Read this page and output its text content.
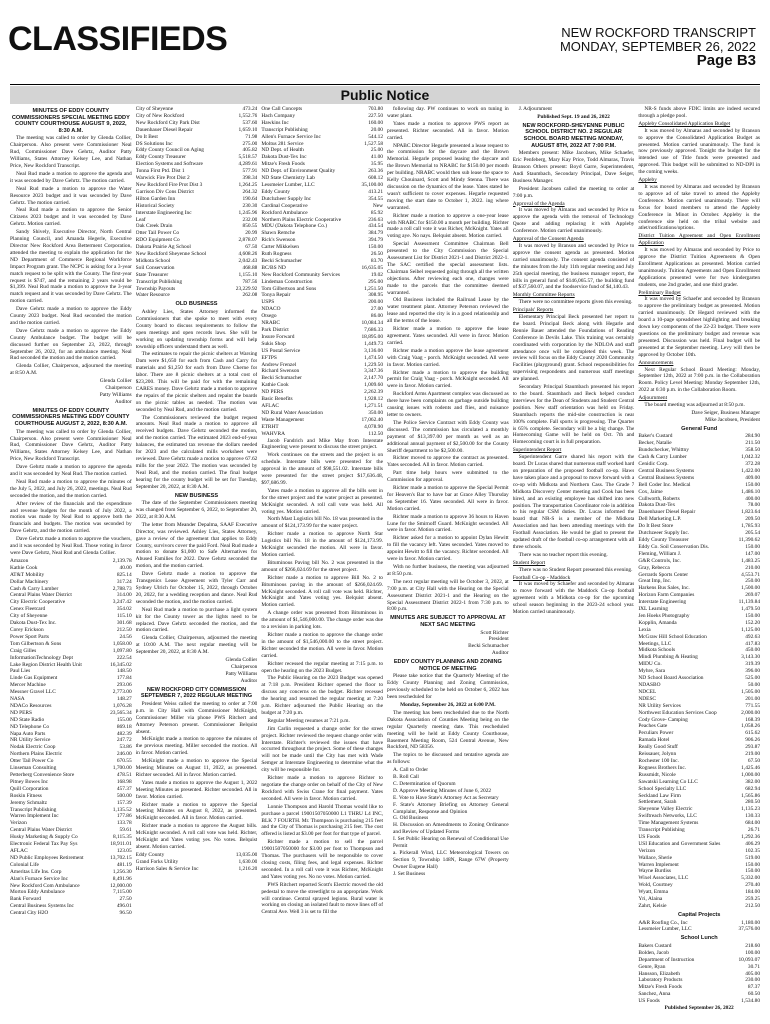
CLASSIFIEDS	NEW ROCKFORD TRANSCRIPT
MONDAY, SEPTEMBER 26, 2022
Page B3
Public Notice
MINUTES OF EDDY COUNTY COMMISSIONERS SPECIAL MEETING EDDY COUNTY COURTHOUSE AUGUST 9, 2022, 8:30 A.M.

The meeting was called to order by Glenda Collier, Chairperson. Also present were Commissioner Neal Rud, Commissioner Dave Gehrtz, Auditor Patty Williams, States Attorney Kelsey Lee, and Nathan Price, New Rockford Transcript.

Neal Rud made a motion to approve the agenda and it was seconded by Dave Gehrtz. The motion carried.

Neal Rud made a motion to approve the Water Resource 2023 budget and it was seconded by Dave Gehrtz. The motion carried.

Neal Rud made a motion to approve the Senior Citizens 2023 budget and it was seconded by Dave Gehrtz. Motion carried.

Sandy Shively, Executive Director, North Central Planning Council, and Amanda Hegerle, Executive Director New Rockford Area Betterment Corporation, attended the meeting to explain the application for the ND Department of Commerce Regional Workforce Impact Program grant. The NCPC is asking for a 3-year match request to be split with the County. The first-year request is $747, and the remaining 2 years would be $1,399. Neal Rud made a motion to approve the 3-year match request and it was seconded by Dave Gehrtz. The motion carried.

Dave Gehrtz made a motion to approve the Eddy County 2023 budget. Neal Rud seconded the motion and the motion carried.

Dave Gehrtz made a motion to approve the Eddy County Ambulance budget. The budget will be discussed further on September 23, 2022, through September 26, 2022, for an ambulance meeting. Neal Rud seconded the motion and the motion carried.

Glenda Collier, Chairperson, adjourned the meeting at 8:50 A.M.

Glenda Collier
Chairperson
Patty Williams
Auditor
MINUTES OF EDDY COUNTY COMMISSIONERS MEETING EDDY COUNTY COURTHOUSE AUGUST 2, 2022, 8:30 A.M.

The meeting was called to order by Glenda Collier, Chairperson. Also present were Commissioner Neal Rud, Commissioner Dave Gehrtz, Auditor Patty Williams, States Attorney Kelsey Lee, and Nathan Price, New Rockford Transcript.

Dave Gehrtz made a motion to approve the agenda and it was seconded by Neal Rud. The motion carried.

Neal Rud made a motion to approve the minutes of the July 5, 2022, and July 26, 2022, meetings. Neal Rud seconded the motion, and the motion carried.

After review of the financials and the expenditure and revenue budgets for the month of July 2022, a motion was made by Neal Rud to approve both the financials and budgets. The motion was seconded by Dave Gehrtz, and the motion carried.

Dave Gehrtz made a motion to approve the vouchers, and it was seconded by Neal Rud. Those voting in favor were Dave Gehrtz, Neal Rud and Glenda Collier.

Amazon	2,139.78
Kathie Cook	40.00
AT&T Mobility	825.14
Dollar Machinery	317.24
Cash & Carry Lumber	2,788.73
Central Plains Water District	314.00
City Electric Cooperative	3,247.42
Cenex Fleetcard	354.02
City of Sheyenne	115.10
Dakota Dust-Tex Inc.	301.68
Corey Erickson	212.50
Power Sport Parts	24.56
Tom Gilbertson & Sons	1,058.00
Craig Gilles	1,097.80
InformationTechnology Dept	222.54
Lake Region District Health Unit	16,345.02
Paul Lies	148.50
Linde Gas Equipment	177.84
Mercer Machine	293.06
Messner Gravel LLC	2,773.00
NASA	148.27
NDACo Resources	1,076.28
ND PERS	23,565.34
ND State Radio	155.00
ND Telephone Co	869.18
Napa Auto Parts	482.39
NR Utility Service	247.72
Nodak Electric Coop	53.86
Northern Plains Electric	246.00
Otter Tail Power Co	670.55
Linseman Consulting	1,700.00
Petterberg Convenience Store	478.51
Pitney Bowes Inc	168.98
Quill Corporation	457.37
Roskin Fitness	500.00
Jeremy Schmaltz	157.39
Transcript Publishing	1,135.52
Warren Implement Inc	177.86
Verizon	133.78
Central Plains Water District	59.61
Husky Marketing & Supply Co	8,115.35
Electronic Federal Tax Pay Sys	18,911.01
AFLAC	123.05
ND Public Employees Retirement	13,702.15
Colonial Life	481.19
Ameritas Life Ins. Corp	1,256.30
Alan's Furnace Service Inc	8,491.96
New Rockford Com Ambulance	12,000.00
Morton Eddy Ambulance	7,115.00
Bank Forward	27.50
Central Business Systems Inc	496.01
Central City H2O	96.50
City of Sheyenne	473.24
City of New Rockford	1,552.76
New Rockford City Park Dist	537.60
Dauenhauer Diesel Repair	1,659.10
Do It Best	71.98
DS Solutions Inc	275.00
Eddy County Council on Aging	405.82
Eddy County Treasurer	5,518.57
Election Systems and Software	4,289.61
Tonna First Ptd. Dist 1	577.91
Warwick Fire Prot Dist 2	398.34
New Rockford Fire Prot Dist 3	1,264.25
Garrison Div Cons District	264.32
Hilton Garden Inn	190.64
Historical Society	230.30
Interstate Engineering Inc	1,245.96
Leaf	232.00
Oak Creek Drain	850.55
Otter Tail Power Co	20.99
RDO Equipment Co	2,878.07
Dakota Prairie Ag School	67.50
New Rockford Sheyenne School	4,608.26
Midkota School	2,042.43
Soil Conservation	468.88
State Treasurer	1,155.10
Transcript Publishing	787.56
Township Payouts	23,229.92
Water Resource	262.08
OLD BUSINESS

Ashley Lies, States Attorney informed the Commissioners that she spoke to meet with every County board to discuss requirements to follow the open meetings and open records laws. She will be working on updating township forms and will help township officers understand them as well.

The estimates to repair the picnic shelters at Warsing Dam were $1,650 for each from Cash and Carry for materials and $1,250 for each from Dave Cherne for labor. There are 8 picnic shelters at a total cost of $23,200. This will be paid for with the remaining CARES money. Dave Gehrtz made a motion to approve the repairs of the picnic shelters and repaint the boards on the picnic tables as needed. The motion was seconded by Neal Rud, and the motion carried.

The Commissioners reviewed the budget request amounts. Neal Rud made a motion to approve all received budgets. Dave Gehrtz seconded the motion, and the motion carried. The estimated 2023 end-of-year balances, the estimated tax revenue the dollars needed for 2023 and the calculated mills worksheet were reviewed. Dave Gehrtz made a motion to approve 67.62 mills for the year 2022. The motion was seconded by Neal Rud, and the motion carried. The final budget hearing for the county budget will be set for Tuesday, September 20, 2022, at 8:30 A.M.

NEW BUSINESS

The date of the September Commissioners meeting was changed from September 6, 2022, to September 20, 2022, at 8:30 A.M.

The letter from Meander Depalma, SAAF Executive Director, was reviewed. Ashley Lies, States Attorney, gave a review of the agreement that applies to Eddy County, survivors cover the paid Ford. Neal Rud made a motion to donate $1,000 to Safe Alternatives for Abused Families for 2022. Dave Gehrtz seconded the motion, and the motion carried.

Dave Gehrtz made a motion to approve the Transgenics Lease Agreement with Tyler Carr and Sydney Ulrich for October 15, 2022, through October 20, 2022, for a wedding reception and dance. Neal Rud seconded the motion, and the motion carried.

Neal Rud made a motion to purchase a light system kit for the County tower as the lights need to be replaced. Dave Gehrtz seconded the motion, and the motion carried.

Glenda Collier, Chairperson, adjourned the meeting at 10:00 A.M. The next regular meeting will be September 20, 2022, at 8:30 A.M.

Glenda Collier
Chairperson
Patty Williams
Auditor
NEW ROCKFORD CITY COMMISSION SEPTEMBER 7, 2022 REGULAR MEETING

President Weiss called the meeting to order at 7:00 p.m. in City Hall with Commissioner McKnight, Commissioner Miller via phone PWS Ritchert and Attorney Peterson present. Commissioner Belquist absent.

McKnight made a motion to approve the minutes of the previous meeting. Miller seconded the motion. All in favor. Motion carried.

McKnight made a motion to approve the Special Meeting Minutes on August 11, 2022, as presented. Richter seconded. All in favor. Motion carried.

Yates made a motion to approve the August 1, 2022 Meeting Minutes as presented. Richter seconded. All in favor. Motion carried.

Richter made a motion to approve the Special Meeting Minutes on August 8, 2022, as presented. McKnight seconded. All in favor. Motion carried.

Richter made a motion to approve the August bills. McKnight seconded. A roll call vote was held. Richter, McKnight and Yates voting yes. No votes. Belquist absent. Motion carried.

Eddy County	13,035.00
Grand Forks Utility	1,630.00
Harrison Sales & Service Inc	1,216.20
One Call Concepts	703.80
Hach Company	227.50
Hawkins Inc	160.00
Transcript Publishing	20.00
Allen's Furnace Service Inc	544.12
Moltus 281 Service	1,527.58
ND Dept. of Health	25.00
Dakota Dust-Tex Inc	41.00
Mitze's Fresh Foods	35.95
ND Dept. of Environment Quality	263.36
ND State Chemistry Lab	608.12
Lessmeier Lumber, LLC	35,100.00
Eddy County	413.21
Dutchzheer Supply Inc	354.55
Cardinal Cooperative	New
Rockford Ambulance	85.92
Northern Plains Electric Cooperative	236.63
MDU (Dakota Telephone Co.)	434.54
Shawn Remche	384.79
Rick's Swenson	394.79
Carter Mikkelsen	150.00
Ruth Rogness	26.50
Becki Schumacher	83.70
BC/BS ND	16,635.05
New Rockford Community Services	19.02
Lindeman Construction	295.00
Tom Gilbertson and Sons	1,251.50
Tonya Repair	308.95
USPS	200.00
NDACO	27.00
Otsego	86.00
NRABC	10,084.34
Park District	7,686.33
Insure Forward	18,895.00
Sukis Shop	1,449.73
US Postal Service	3,136.00
EFTPS	1,474.50
Andrew Frenzel	1,229.50
Richard Swenson	3,347.36
Becki Schumacher	2,147.70
Kathie Cook	1,009.60
ND PERS	2,262.39
Basic Benefits	1,928.12
AFLAC	1,271.51
ND Rural Water Association	350.00
Waste Management	17,062.40
ETRHT	4,078.90
WAHVRA	112.50

Jacob Fandrich and Mike May from Interstate Engineering were present to discuss the street project.

Work continues on the streets and the project is on schedule. Interstate bills were presented for the approval in the amount of $98,551.02. Interstate bills were presented for the street project $17,636.48, $97,686.99.

Yates made a motion to approve all the bills sent in for the street project and the water project as presented. McKnight seconded. A roll call vote was held. All voting yes. Motion carried.

North Mast Logistics bill No. 18 was presented in the amount of $124,173.99 for the water project.

Richter made a motion to approve North Star Logistics bill No. 18 in the amount of $124,173.99. McKnight seconded the motion. All were in favor. Motion carried.

Bituminous Paving bill No. 2 was presented in the amount of $266,024.69 for the street project.

Richter made a motion to approve Bill No. 2 to Bituminous paving in the amount of $266,024.69. McKnight seconded. A roll call vote was held. Richter, McKnight and Yates voting yes. Belquist absent. Motion carried.

A change order was presented from Bituminous in the amount of $1,546,000.00. The change order was due to a revision in parking lots.

Richter made a motion to approve the change order in the amount of $1,546,000.00 to the street project. Richter seconded the motion. All were in favor. Motion carried.

Richter recessed the regular meeting at 7:15 p.m. to open the hearing on the 2023 Budget.

The Public Hearing on the 2023 Budget was opened at 7:18 p.m. President Richter opened the floor to discuss any concerns on the budget. Richter recessed the hearing and resumed the regular meeting at 7:20 p.m. Richter adjourned the Public Hearing on the budget at 7:20 p.m.

Regular Meeting resumes at 7:21 p.m.

Jim Carlin requested a change order for the street project. Richter reviewed the request change order with Interstate. Richter's reviewed the issues that have occurred throughout the project. Some of these changes will not be made until the City has met with Wade Semger at Interstate Engineering to determine what the city will be responsible for.

Richter made a motion to approve Richter to negotiate the change order on behalf of the City of New Rockford with Swiss Crane for final payment. Yates seconded. All were in favor. Motion carried.

Lonnie Thompson and Harold Thomas would like to purchase a parcel 19001507050000 L1 THRU L4 INC, BLK 7 FOURTH. Mr. Thompson is purchasing 215 feet and the City of Thomas is purchasing 215 feet. The cost offered is listed at $3.00 per foot for that type of parcel.

Richter made a motion to sell the parcel 19001507050000 for $3.00 per foot to Thompson and Thomas. The purchasers will be responsible to cover closing costs, filing fees, and legal expenses. Richter seconded. In a roll call vote it was Richter, McKnight and Yates voting yes. No no votes. Motion carried.

PWS Ritchert reported Scott's Electric moved the old pedestal to move the streetlight to an appropriate. Work will continue. Central sprayed legions. Rural water is working on closing an isolated fault to move lines off of Central Ave. Well 3 is set to fill the

following day. PW continues to work on tuning in water plant.

Yates made a motion to approve PWS report as presented. Richter seconded. All in favor. Motion carried.

NPABC Director Hegarle presented a lease request to the commission for the daycare and the Brown Memorial. Hegarle proposed leasing the daycare and the Brown Memorial to NRABC for $150.00 per month per building. NRABC would then sub lease the space to Kelly Chouinard, Scott and Mindy Stenna. There was discussion on the dynamics of the lease. Yates stated he wasn't sufficient to cover expenses. Hegarle requested moving the start date to October 1, 2022. ing where warranted.

Richter made a motion to approve a one-year lease with NRABC for $150.00 a month per building. Richter made a roll call vote it was Richer, McKnight. Yates all voting aye. No nays. Belquist absent. Motion carried.

Special Assessment Committee Chairman Bell presented to the City Commission the Special Assessment List for District 2021-1 and District 2022-1. The SAC certified the special assessment lists. Chairman Seibel requested going through all the written objections. After reviewing each one, changes were made to the parcels that the committee deemed warranted.

Old Business included the Railroad Lease by the water treatment plant. Attorney Peterson reviewed the lease and reported the city is in a good relationship and all the terms of the lease.

Richter made a motion to approve the lease agreement. Yates seconded. All were in favor. Motion carried.

Richter made a motion approve the lease agreement with Craig Vaag - porch. McKnight seconded. All were in favor. Motion carried.

Richter made a motion to approve the building permit for Craig Vaag - porch. McKnight seconded. All were in favor. Motion carried.

Rockford Arms Apartment complex was discussed as there have been complaints on garbage outside building causing issues with rodents and flies, and nuisance letter to owners.

The Police Service Contract with Eddy County was discussed. The commission has circulated a monthly payment of $13,397.00 per month as well as an additional annual payment of $2,500.00 for the County Sheriff department to be $2,500.00.

Richter moved to approve the contract as presented. Yates seconded. All in favor. Motion carried.

Part time help hours were submitted to the Commission for approval.

Richter made a motion to approve the Special Permit for Heaven's Bar to have bar at Grace Alley Thursday on September 16. Yates seconded. All were in favor. Motion carried.

Richter made a motion to approve 36 hours to Haven Lune for the Smirnoff Guard. McKnight seconded. All were in favor. Motion carried.

Richter asked for a motion to appoint Dylan Hewitt to fill the vacancy left. Yates seconded. Yates moved to appoint Hewitt to fill the vacancy. Richter seconded. All were in favor. Motion carried.

With no further business, the meeting was adjourned at 8:50 p.m.

The next regular meeting will be October 3, 2022, at 7:00 p.m. at City Hall with the Hearing on the Special Assessment District 2021-1 and the Hearing on the Special Assessment District 2022-1 from 7:30 p.m. to 8:00 p.m.

MINUTES ARE SUBJECT TO APPROVAL AT NEXT SAC MEETING
Scott Richter
President
Becki Schumacher
Auditor
EDDY COUNTY PLANNING AND ZONING NOTICE OF MEETING

Please take notice that the Quarterly Meeting of the Eddy County Planning and Zoning Commission, previously scheduled to be held on October 6, 2022 has been rescheduled for

Monday, September 26, 2022 at 6:00 P.M.

The meeting has been rescheduled due to the North Dakota Association of Counties Meeting being on the regular Quarterly meeting date. This rescheduled meeting will be held at Eddy County Courthouse, Basement Meeting Room, 524 Central Avenue, New Rockford, ND 58356.

The topics to be discussed and tentative agenda are as follows:

A. Call to Order
B. Roll Call
C. Determination of Quorum
D. Approve Meeting Minutes of June 6, 2022
E. Vote to Have State's Attorney Act as Secretary
F. State's Attorney Briefing on Attorney General Complaint, Response and Opinion
G. Old Business
H. Discussion on Amendments to Zoning Ordinance and Review of Updated Forms
I. Set Public Hearing on Renewal of Conditional Use Permit
a. Pickerall Wind, LLC Meteorological Towers on Section 9, Township 148N, Range 67W (Property Owner Eugene Hall)
J. Set Business

J. Adjournment

Published Sept. 19 and 26, 2022

NEW ROCKFORD-SHEYENNE PUBLIC SCHOOL DISTRICT NO. 2 REGULAR SCHOOL BOARD MEETING MONDAY, AUGUST 8TH, 2022 AT 7:00 P.M.

Members present: Mike Jacobsen, Mike Schaefer, Eric Penfeberg, Mary Kay Price, Todd Almaras, Travis Branson Others present: Boyd Garre, Superintendent, Andi Staumbach, Secondary Principal, Dave Seiger, Business Manager.

President Jacobsen called the meeting to order at 7:00 p.m.

Approval of the Agenda

It was moved by Almaras and seconded by Price to approve the agenda with the removal of Technology Quote and adding replacing it with Appleby Conference. Motion carried unanimously.

Approval of the Consent Agenda

It was moved by Branson and seconded by Price to approve the consent agenda as presented. Motion carried unanimously. The consent agenda consisted of the minutes from the July 11th regular meeting and July 25th special meeting, the business manager report, the bills in general fund of $146,065.57, the building fund of $37,560.07, and the foodservice fund of $4,140.43.

Monthly Committee Reports

There were no committee reports given this evening.

Principals' Reports

Elementary Principal Beck presented her report to the board. Principal Beck along with Hegarle and Rennie Bauer attended the Foundations of Reading Conference in Devils Lake. This training was certainly coordinated with corporation by the NDLOA and staff attendance once will be completed this week. The review will focus on the Eddy County 2020 Community Facilities (playground) grant. School responsibilities for supervising respondents and numerous staff meetings are planned.

Secondary Principal Staumbach presented his report to the board. Staumbach and Beck helped conduct interviews for the Dean of Students and Student Central position. New staff orientation was held on Friday. Staumbach reports the mid-site construction is near 100% complete. Fall sports is progressing. The Quarter is 65% complete. Secondary will be a big change. The Homecoming Game will be held on Oct. 7th and Homecoming court is in full preparation.

Superintendent Report

Superintendent Garre shared his report with the board. Dr Lucas shared that numerous staff worked hard on preparation of the proposed football co-op. Haws have taken place and a proposal to move forward with a co-op with Midkota and Northern Cass. The Grade 7 Midkota Discovery Center meeting and Cook has been hired, and an existing employee has shifted into new position. The transportation Coordinator role in addition to his regular CSM duties. Dr. Lucas informed the board that NR-S is a member of the Midkota Association and has been attending meetings with the Football Association. He would be glad to present the updated draft of the football co-op arrangement with all three schools.

There was no teacher report this evening.

Student Report

There was no Student Report presented this evening.

Football Co-op - Maddock

It was moved by Schaefer and seconded by Almaras to move forward with the Maddock Co-op football agreement with a Midkota co-op for the upcoming school season beginning in the 2023-24 school year. Motion carried unanimously.

NR-S funds above FDIC limits are indeed secured through a pledge pool.

Appleby Consolidated Application Budget

It was moved by Almaras and seconded by Branson to approve the Consolidated Application Budget as presented. Motion carried unanimously. The fund is now previously approved. Tonight the budget for the intended use of Title funds were presented and approved. This budget will be submitted to ND-DPI in the coming weeks.

Appleby

It was moved by Almaras and seconded by Branson to approve ad of take travel to attend the Appleby Conference. Motion carried unanimously. There will focus for board members to attend the Appleby Conference in Minot in October. Appleby is the conference site held on the tribal website and atlet/notifications/options.

District Tuition Agreement and Open Enrollment Application

It was moved by Almaras and seconded by Price to approve the District Tuition Agreements & Open Enrollment Applications as presented. Motion carried unanimously. Tuition Agreements and Open Enrollment Applications presented were for two kindergarten students, one 2nd grader, and one third grader.

Preliminary Budget

It was moved by Schaefer and seconded by Branson to approve the preliminary budget as presented. Motion carried unanimously. Dr Hegard reviewed with the board a 10-page spreadsheet highlighting and breaking down key components of the 22-23 budget. There were questions on the preliminary budget and revenue was presented. Discussion was held. Final budget will be presented at the September meeting. Levy will then be approved by October 10th.

Announcements

Next Regular School Board Meeting: Monday, September 12th, 2022 at 7:00 p.m. in the Collaboration Room. Policy Level Meeting: Monday September 12th, 2022 at 6:30 p.m. in the Collaboration Room.

Adjournment

The board meeting was adjourned at 8:50 p.m.

Dave Seiger, Business Manager
Mike Jacobsen, President
General Fund
Baker's Custard	284.90
Becker, Natalie	211.50
Bundschecker, Whittny	358.50
Cash & Carry Lumber	1,042.32
Cenidic Corp.	372.28
Central Business Systems	1,422.00
Central Business Systems	409.00
Bell Coder Inc. Medical	150.00
Cox, Jaime	1,486.10
Cullworth, Roberts	400.00
Dakota Dust-Tex	78.00
Dauenhauer Diesel Repair	1,823.64
Dell Marketing L.P.	209.50
Do It Best Store	1,785.93
Dutchzeeer Supply Inc.	205.54
Eddy County Treasurer	11,390.62
Eddy Co. Soil Conservation Dis.	150.00
Fleming, William J.	147.00
G&R Controls, Inc.	1,483.25
Gray, Rebecca	210.00
Gerrards Sports Center	4,553.71
Great Imp, Inc.	250.00
Harkens Bus Sales, Inc.	1,500.00
Horizon Farm Companies	269.07
Interstate Engineering	11,139.84
IXL Learning	1,479.50
Jen Hoeks Photography	150.00
Kopplin, Amanda	152.20
Lexia	1,125.00
McGraw Hill School Education	492.63
Meetings, LLC	417.83
Midkota Schools	450.00
Mindi Plumbing & Heating	3,143.30
MIDU Co.	319.39
Myhre, Sara	396.00
ND School Board Association	525.00
NDASBO	50.00
NDCEL	1,505.00
NDESC	201.00
NR Utility Services	771.55
Northwest Education Services Coop	2,000.00
Cody Grove- Camping	168.39
Peaches Gate	1,058.26
Peculiars Power	615.62
Ramada Hotel	906.26
Really Good Stuff	293.87
Reissauer, Jolynn	219.00
Rochester 100 Inc.	67.50
Rogness Brothers Inc.	1,425.46
Russmidt, Nicole	1,000.00
Sawatski Learning Co LLC	382.00
School Specialty LLC	682.94
Seckland Law Firm	1,565.86
Settlement, Sarah	280.50
Sheyenne Valley Electric	1,135.23
Swiftreach Networks, LLC	130.33
Time Management Systems	684.00
Transcript Publishing	26.71
US Foods	1,292.36
USI Education and Government Sales	406.29
Verizon	102.35
Wallace, Sherie	519.00
Warren Implement	150.00
Wayne Burdiss	150.00
Wixel Associates, LLC	5,332.00
Wold, Courtney	270.40
Wyatt, Emma	184.00
Yri, Alaina	259.25
Zahrt, Kelsie	212.50
Capital Projects
A&R Roofing Co., Inc	1,180.00
Lessmeier Lumber, LLC	37,576.00
School Lunch
Bakers Custard	218.60
Bolden, Jacob	100.00
Department of Instruction	10,093.07
Genre, Ryan	30.71
Hansson, Elizabeth	405.00
Laboratory Products	230.00
Mitze's Fresh Foods	87.37
Sanchez, Anna	60.50
US Foods	1,534.80

Published September 26, 2022
